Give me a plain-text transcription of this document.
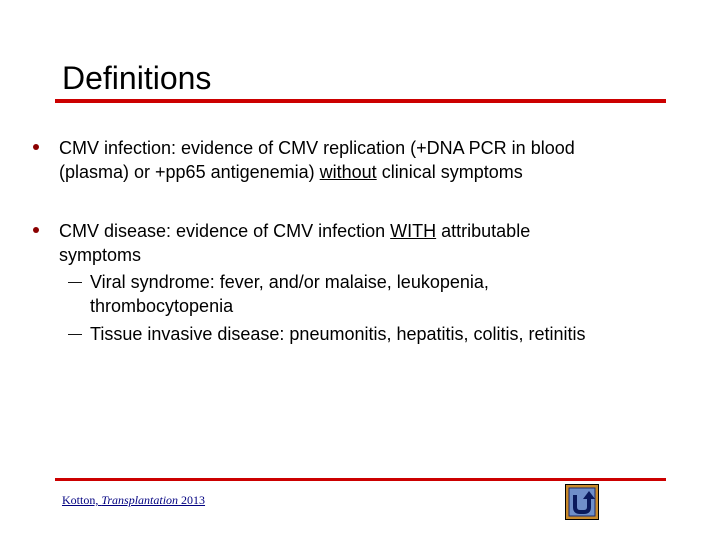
Definitions
CMV infection: evidence of CMV replication (+DNA PCR in blood
(plasma) or +pp65 antigenemia) without clinical symptoms
CMV disease: evidence of CMV infection WITH attributable
symptoms
— Viral syndrome: fever, and/or malaise, leukopenia,
thrombocytopenia
— Tissue invasive disease: pneumonitis, hepatitis, colitis, retinitis
Kotton, Transplantation 2013
